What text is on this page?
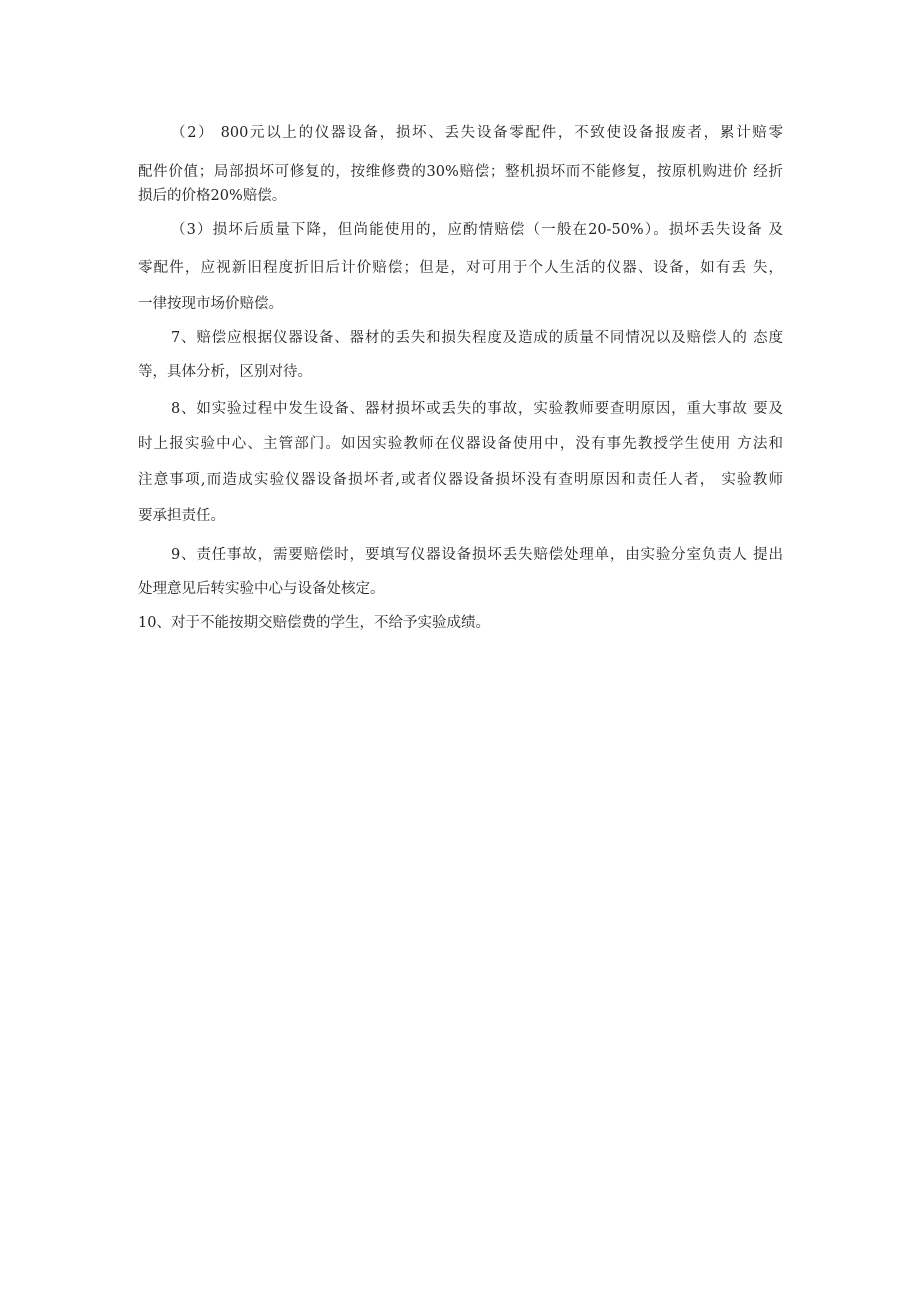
（2） 800元以上的仪器设备，损坏、丢失设备零配件，不致使设备报废者，累计赔零
配件价值；局部损坏可修复的，按维修费的30%赔偿；整机损坏而不能修复，按原机购进价 经折
损后的价格20%赔偿。
（3）损坏后质量下降，但尚能使用的，应酌情赔偿（一般在20-50%）。损坏丢失设备 及
零配件，应视新旧程度折旧后计价赔偿；但是，对可用于个人生活的仪器、设备，如有丢 失，
一律按现市场价赔偿。
7、赔偿应根据仪器设备、器材的丢失和损失程度及造成的质量不同情况以及赔偿人的 态度
等，具体分析，区别对待。
8、如实验过程中发生设备、器材损坏或丢失的事故，实验教师要查明原因，重大事故 要及
时上报实验中心、主管部门。如因实验教师在仪器设备使用中，没有事先教授学生使用 方法和
注意事项,而造成实验仪器设备损坏者,或者仪器设备损坏没有查明原因和责任人者， 实验教师
要承担责任。
9、责任事故，需要赔偿时，要填写仪器设备损坏丢失赔偿处理单，由实验分室负责人 提出
处理意见后转实验中心与设备处核定。
10、对于不能按期交赔偿费的学生，不给予实验成绩。
